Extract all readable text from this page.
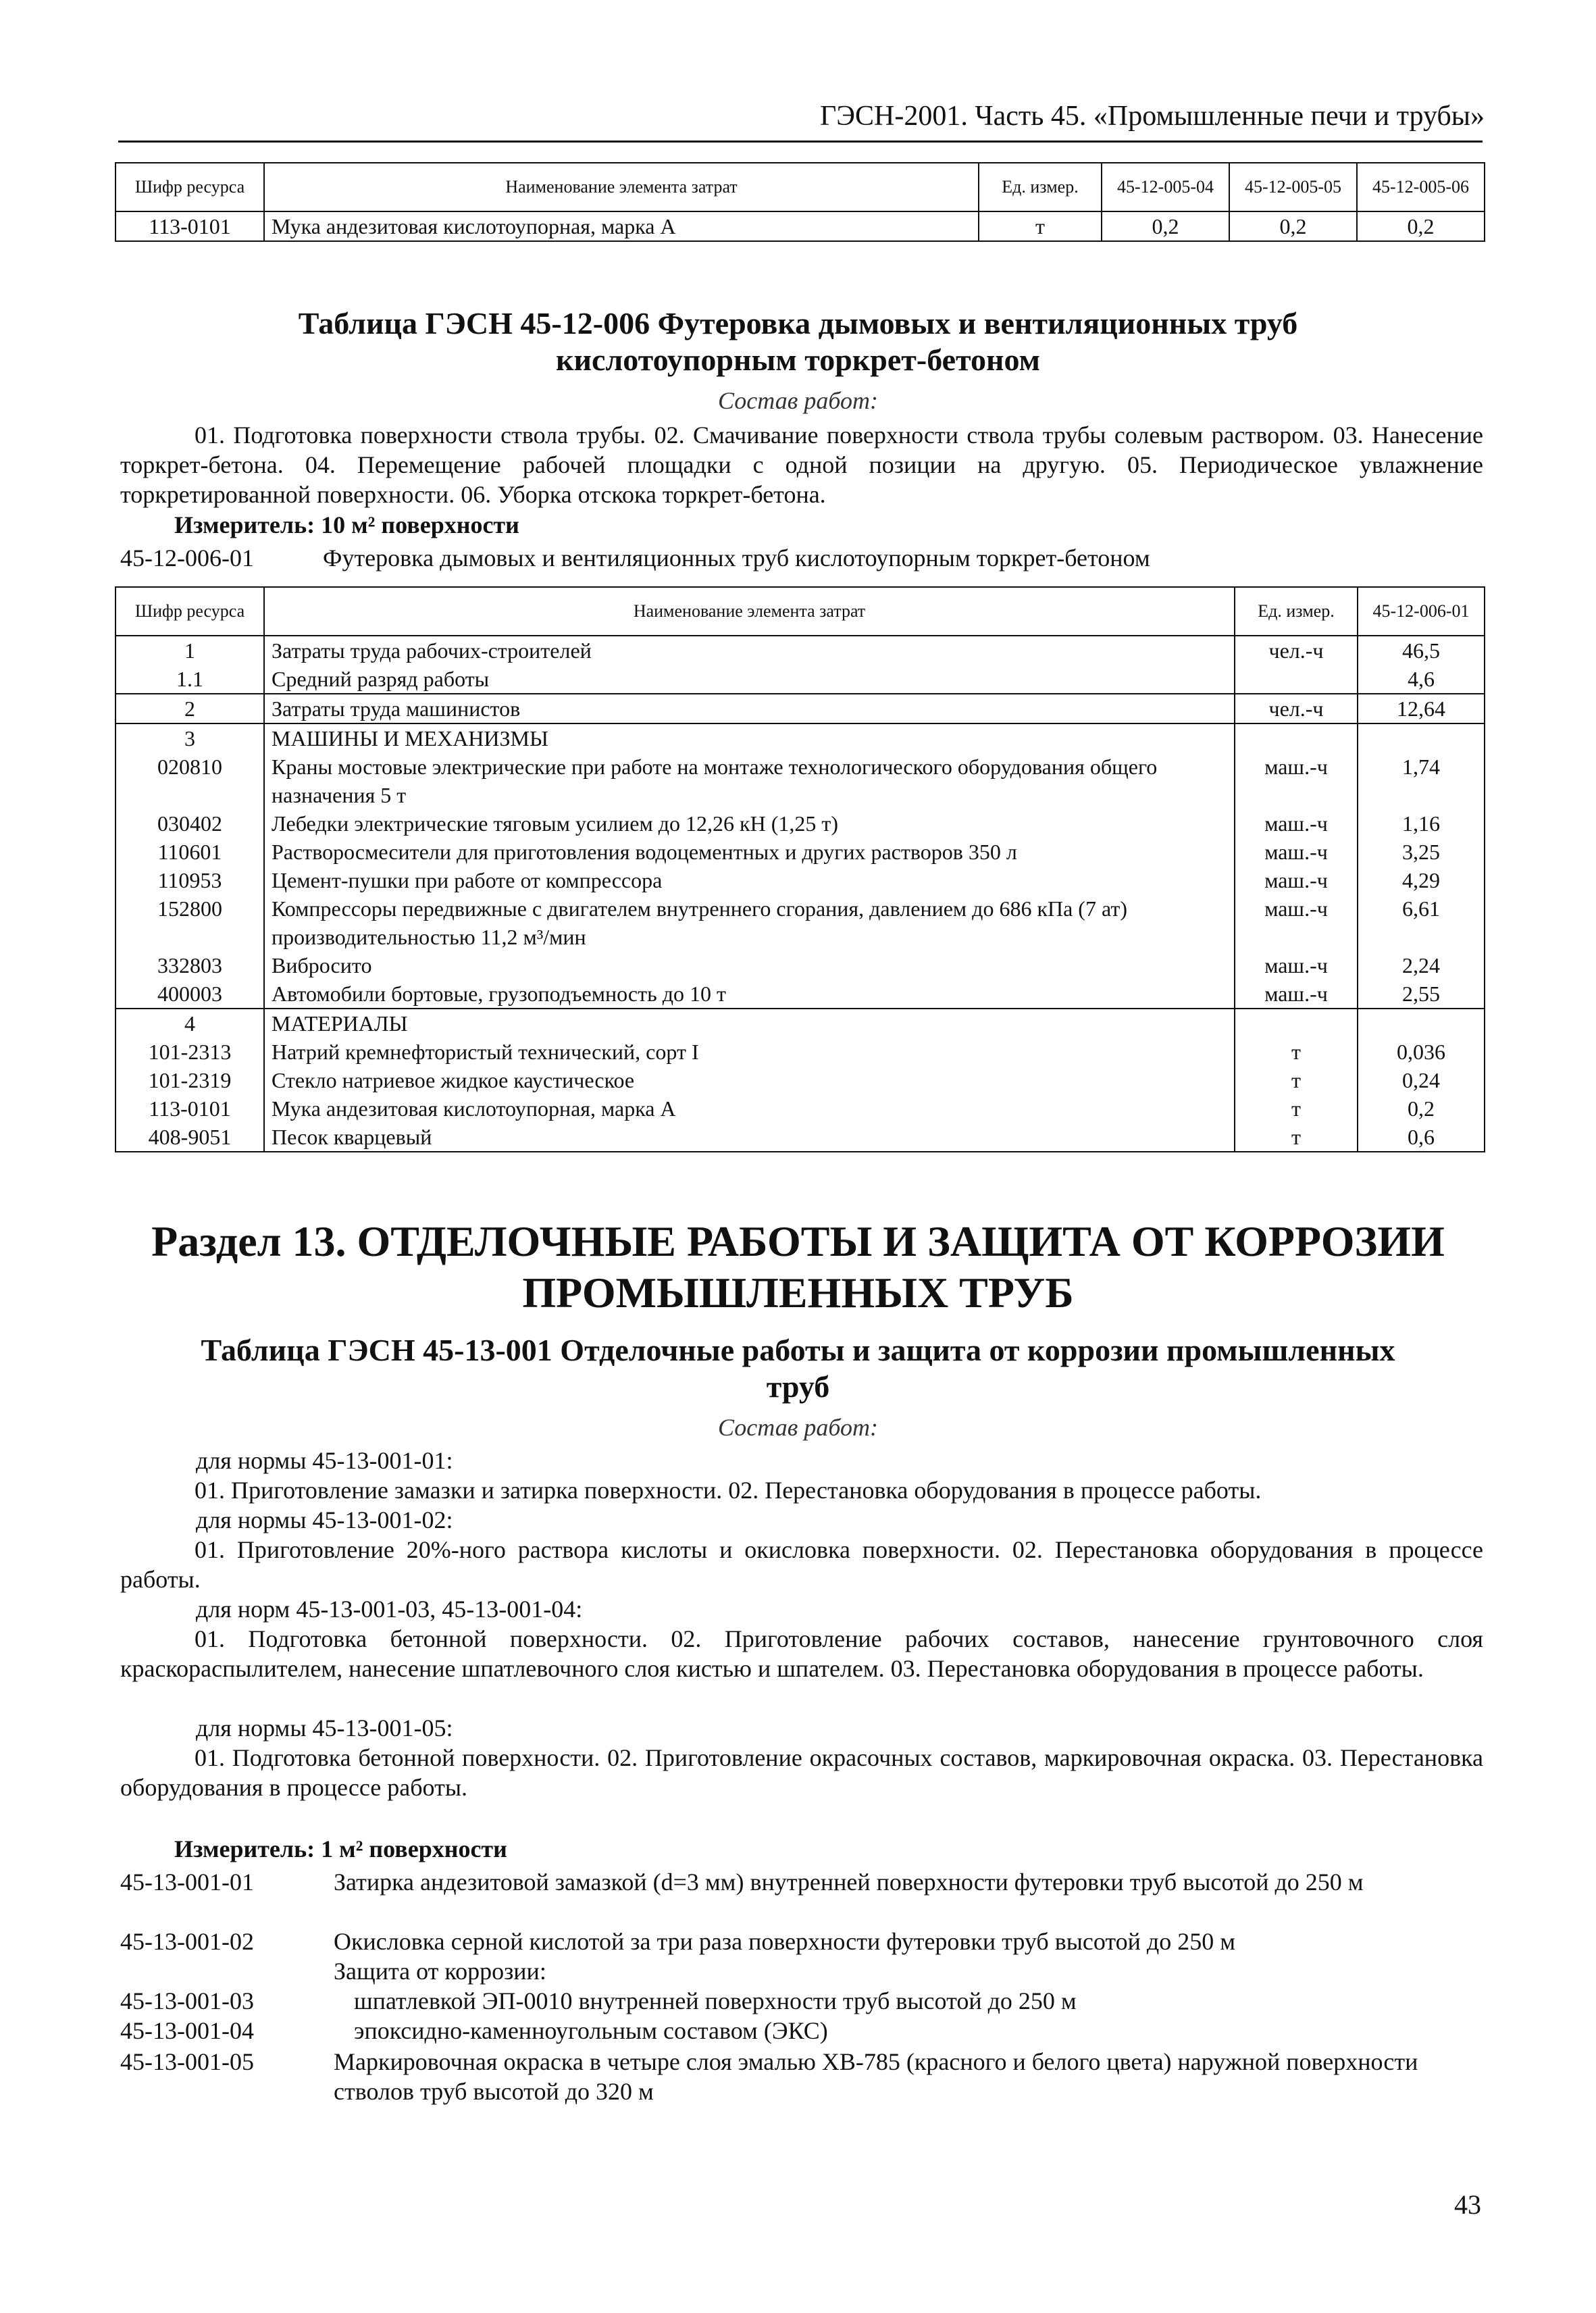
ГЭСН-2001. Часть 45. «Промышленные печи и трубы»
Шифр ресурса	Наименование элемента затрат	Ед. измер.	45-12-005-04	45-12-005-05	45-12-005-06
113-0101	Мука андезитовая кислотоупорная, марка А	т	0,2	0,2	0,2
Таблица ГЭСН 45-12-006 Футеровка дымовых и вентиляционных труб
кислотоупорным торкрет-бетоном
Состав работ:
01. Подготовка поверхности ствола трубы. 02. Смачивание поверхности ствола трубы солевым раствором. 03. Нанесение торкрет-бетона. 04. Перемещение рабочей площадки с одной позиции на другую. 05. Периодическое увлажнение торкретированной поверхности. 06. Уборка отскока торкрет-бетона.
Измеритель: 10 м² поверхности
45-12-006-01	Футеровка дымовых и вентиляционных труб кислотоупорным торкрет-бетоном
Шифр ресурса	Наименование элемента затрат	Ед. измер.	45-12-006-01
1	Затраты труда рабочих-строителей	чел.-ч	46,5
1.1	Средний разряд работы		4,6
2	Затраты труда машинистов	чел.-ч	12,64
3	МАШИНЫ И МЕХАНИЗМЫ		
020810	Краны мостовые электрические при работе на монтаже технологического оборудования общего назначения 5 т	маш.-ч	1,74
030402	Лебедки электрические тяговым усилием до 12,26 кН (1,25 т)	маш.-ч	1,16
110601	Растворосмесители для приготовления водоцементных и других растворов 350 л	маш.-ч	3,25
110953	Цемент-пушки при работе от компрессора	маш.-ч	4,29
152800	Компрессоры передвижные с двигателем внутреннего сгорания, давлением до 686 кПа (7 ат) производительностью 11,2 м³/мин	маш.-ч	6,61
332803	Вибросито	маш.-ч	2,24
400003	Автомобили бортовые, грузоподъемность до 10 т	маш.-ч	2,55
4	МАТЕРИАЛЫ		
101-2313	Натрий кремнефтористый технический, сорт I	т	0,036
101-2319	Стекло натриевое жидкое каустическое	т	0,24
113-0101	Мука андезитовая кислотоупорная, марка А	т	0,2
408-9051	Песок кварцевый	т	0,6
Раздел 13. ОТДЕЛОЧНЫЕ РАБОТЫ И ЗАЩИТА ОТ КОРРОЗИИ
ПРОМЫШЛЕННЫХ ТРУБ
Таблица ГЭСН 45-13-001 Отделочные работы и защита от коррозии промышленных
труб
Состав работ:
для нормы 45-13-001-01:
01. Приготовление замазки и затирка поверхности. 02. Перестановка оборудования в процессе работы.
для нормы 45-13-001-02:
01. Приготовление 20%-ного раствора кислоты и окисловка поверхности. 02. Перестановка оборудования в процессе работы.
для норм 45-13-001-03, 45-13-001-04:
01. Подготовка бетонной поверхности. 02. Приготовление рабочих составов, нанесение грунтовочного слоя краскораспылителем, нанесение шпатлевочного слоя кистью и шпателем. 03. Перестановка оборудования в процессе работы.
для нормы 45-13-001-05:
01. Подготовка бетонной поверхности. 02. Приготовление окрасочных составов, маркировочная окраска. 03. Перестановка оборудования в процессе работы.
Измеритель: 1 м² поверхности
45-13-001-01	Затирка андезитовой замазкой (d=3 мм) внутренней поверхности футеровки труб высотой до 250 м
45-13-001-02	Окисловка серной кислотой за три раза поверхности футеровки труб высотой до 250 м
Защита от коррозии:
45-13-001-03	шпатлевкой ЭП-0010 внутренней поверхности труб высотой до 250 м
45-13-001-04	эпоксидно-каменноугольным составом (ЭКС)
45-13-001-05	Маркировочная окраска в четыре слоя эмалью ХВ-785 (красного и белого цвета) наружной поверхности стволов труб высотой до 320 м
43
